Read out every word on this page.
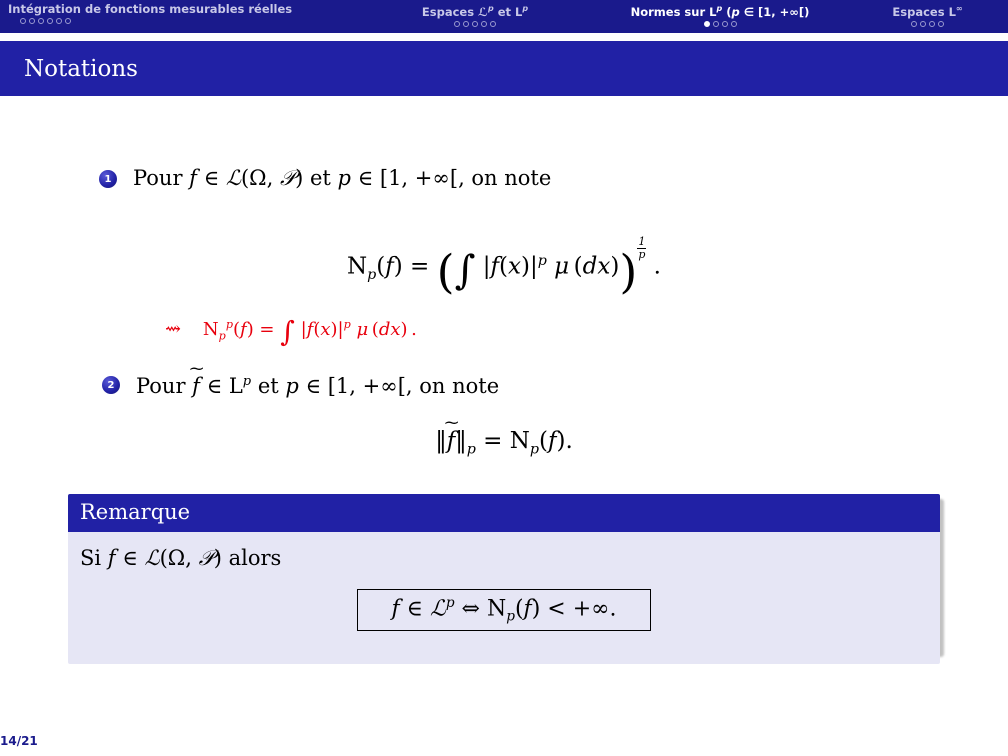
Intégration de fonctions mesurables réelles	Espaces ℒ$^p$ et $L^p$	Normes sur $L^p$ (p ∈ [1, +∞[)	Espaces L∞
Notations
1 Pour f ∈ ℒ(Ω, 𝒫) et p ∈ [1, +∞[, on note
$N_p(f)$ = (∫ $|f(x)|^p$ μ $(dx)) \frac{1}{p}$
.
⇝ $N_p^p(f)$ = ∫ $|f(x)|^p$ μ (dx) .
2 Pour ~ f ∈ $L^p$ et p ∈ [1, +∞[, on note
‖~ $f‖_p = N_p(f)$.
Remarque
Si f ∈ ℒ(Ω, 𝒫) alors
f ∈ ℒ$^p$ ⇔ $N_p(f)$ < +∞.
14/21
